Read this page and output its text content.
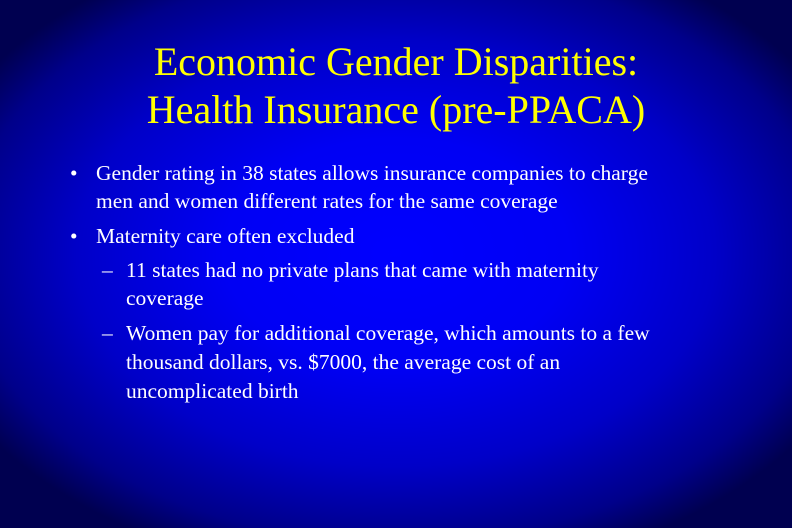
Economic Gender Disparities:
Health Insurance (pre-PPACA)
• Gender rating in 38 states allows insurance companies to charge
men and women different rates for the same coverage
• Maternity care often excluded
– 11 states had no private plans that came with maternity
coverage
– Women pay for additional coverage, which amounts to a few
thousand dollars, vs. $7000, the average cost of an
uncomplicated birth
